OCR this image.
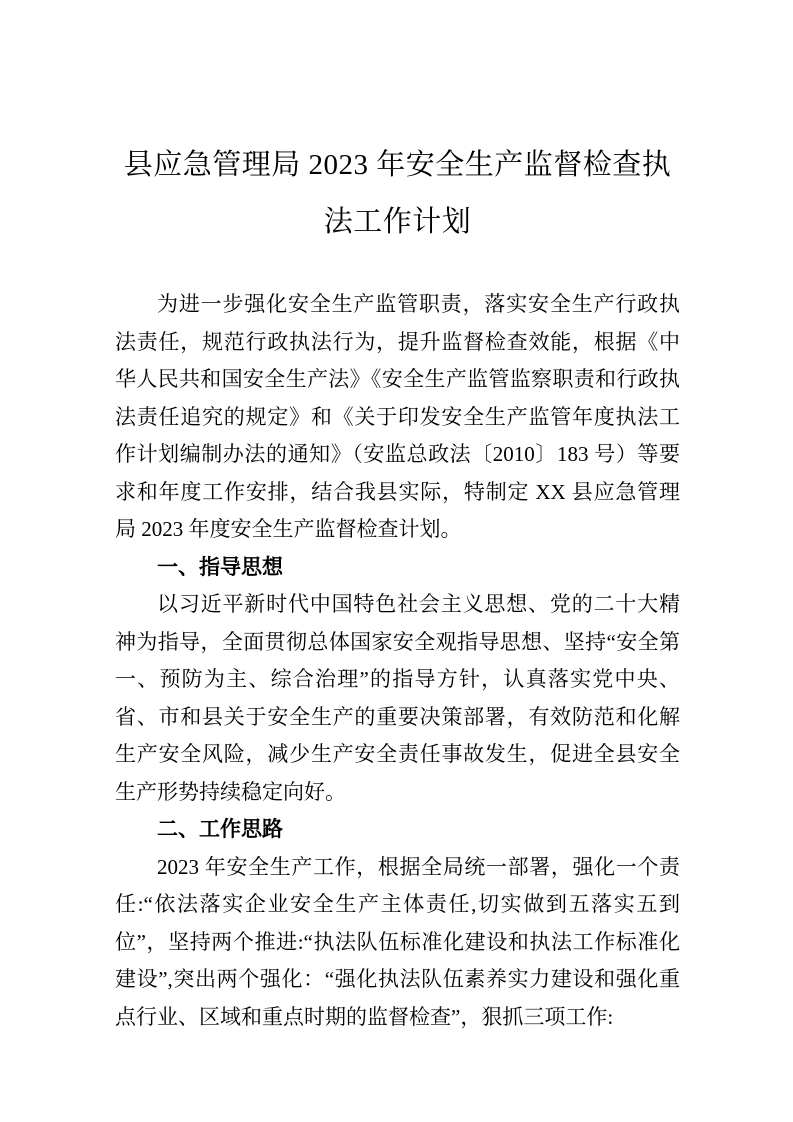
县应急管理局 2023 年安全生产监督检查执法工作计划

为进一步强化安全生产监管职责，落实安全生产行政执法责任，规范行政执法行为，提升监督检查效能，根据《中华人民共和国安全生产法》《安全生产监管监察职责和行政执法责任追究的规定》和《关于印发安全生产监管年度执法工作计划编制办法的通知》（安监总政法〔2010〕183 号）等要求和年度工作安排，结合我县实际，特制定 XX 县应急管理局 2023 年度安全生产监督检查计划。

一、指导思想

以习近平新时代中国特色社会主义思想、党的二十大精神为指导，全面贯彻总体国家安全观指导思想、坚持“安全第一、预防为主、综合治理”的指导方针，认真落实党中央、省、市和县关于安全生产的重要决策部署，有效防范和化解生产安全风险，减少生产安全责任事故发生，促进全县安全生产形势持续稳定向好。

二、工作思路

2023 年安全生产工作，根据全局统一部署，强化一个责任:“依法落实企业安全生产主体责任,切实做到五落实五到位”，坚持两个推进:“执法队伍标准化建设和执法工作标准化建设”,突出两个强化：“强化执法队伍素养实力建设和强化重点行业、区域和重点时期的监督检查”，狠抓三项工作:
